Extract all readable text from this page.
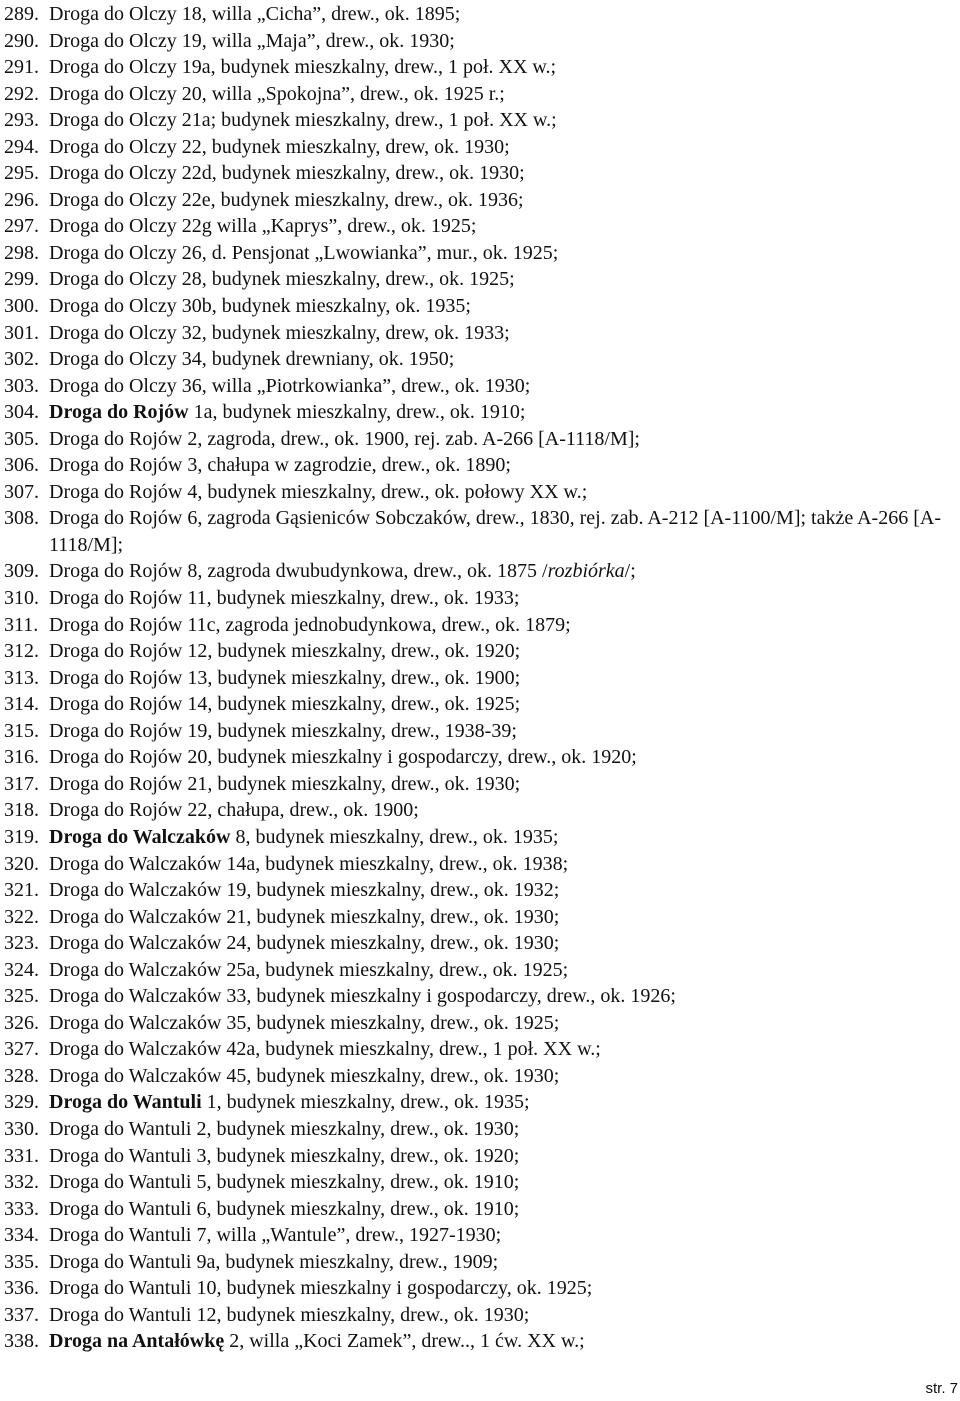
289. Droga do Olczy 18, willa „Cicha”, drew., ok. 1895;
290. Droga do Olczy 19, willa „Maja”, drew., ok. 1930;
291. Droga do Olczy 19a, budynek mieszkalny, drew., 1 poł. XX w.;
292. Droga do Olczy 20, willa „Spokojna”, drew., ok. 1925 r.;
293. Droga do Olczy 21a; budynek mieszkalny, drew., 1 poł. XX w.;
294. Droga do Olczy 22, budynek mieszkalny, drew, ok. 1930;
295. Droga do Olczy 22d, budynek mieszkalny, drew., ok. 1930;
296. Droga do Olczy 22e, budynek mieszkalny, drew., ok. 1936;
297. Droga do Olczy 22g willa „Kaprys”, drew., ok. 1925;
298. Droga do Olczy 26, d. Pensjonat „Lwowianka”, mur., ok. 1925;
299. Droga do Olczy 28, budynek mieszkalny, drew., ok. 1925;
300. Droga do Olczy 30b, budynek mieszkalny, ok. 1935;
301. Droga do Olczy 32, budynek mieszkalny, drew, ok. 1933;
302. Droga do Olczy 34, budynek drewniany, ok. 1950;
303. Droga do Olczy 36, willa „Piotrkowianka”, drew., ok. 1930;
304. Droga do Rojów 1a, budynek mieszkalny, drew., ok. 1910;
305. Droga do Rojów 2, zagroda, drew., ok. 1900, rej. zab. A-266 [A-1118/M];
306. Droga do Rojów 3, chałupa w zagrodzie, drew., ok. 1890;
307. Droga do Rojów 4, budynek mieszkalny, drew., ok. połowy XX w.;
308. Droga do Rojów 6, zagroda Gąsieniców Sobczaków, drew., 1830, rej. zab. A-212 [A-1100/M]; także A-266 [A-1118/M];
309. Droga do Rojów 8, zagroda dwubudynkowa, drew., ok. 1875 /rozbiórka/;
310. Droga do Rojów 11, budynek mieszkalny, drew., ok. 1933;
311. Droga do Rojów 11c, zagroda jednobudynkowa, drew., ok. 1879;
312. Droga do Rojów 12, budynek mieszkalny, drew., ok. 1920;
313. Droga do Rojów 13, budynek mieszkalny, drew., ok. 1900;
314. Droga do Rojów 14, budynek mieszkalny, drew., ok. 1925;
315. Droga do Rojów 19, budynek mieszkalny, drew., 1938-39;
316. Droga do Rojów 20, budynek mieszkalny i gospodarczy, drew., ok. 1920;
317. Droga do Rojów 21, budynek mieszkalny, drew., ok. 1930;
318. Droga do Rojów 22, chałupa, drew., ok. 1900;
319. Droga do Walczaków 8, budynek mieszkalny, drew., ok. 1935;
320. Droga do Walczaków 14a, budynek mieszkalny, drew., ok. 1938;
321. Droga do Walczaków 19, budynek mieszkalny, drew., ok. 1932;
322. Droga do Walczaków 21, budynek mieszkalny, drew., ok. 1930;
323. Droga do Walczaków 24, budynek mieszkalny, drew., ok. 1930;
324. Droga do Walczaków 25a, budynek mieszkalny, drew., ok. 1925;
325. Droga do Walczaków 33, budynek mieszkalny i gospodarczy, drew., ok. 1926;
326. Droga do Walczaków 35, budynek mieszkalny, drew., ok. 1925;
327. Droga do Walczaków 42a, budynek mieszkalny, drew., 1 poł. XX w.;
328. Droga do Walczaków 45, budynek mieszkalny, drew., ok. 1930;
329. Droga do Wantuli 1, budynek mieszkalny, drew., ok. 1935;
330. Droga do Wantuli 2, budynek mieszkalny, drew., ok. 1930;
331. Droga do Wantuli 3, budynek mieszkalny, drew., ok. 1920;
332. Droga do Wantuli 5, budynek mieszkalny, drew., ok. 1910;
333. Droga do Wantuli 6, budynek mieszkalny, drew., ok. 1910;
334. Droga do Wantuli 7, willa „Wantule”, drew., 1927-1930;
335. Droga do Wantuli 9a, budynek mieszkalny, drew., 1909;
336. Droga do Wantuli 10, budynek mieszkalny i gospodarczy, ok. 1925;
337. Droga do Wantuli 12, budynek mieszkalny, drew., ok. 1930;
338. Droga na Antałówkę 2, willa „Koci Zamek”, drew.., 1 ćw. XX w.;
str. 7
